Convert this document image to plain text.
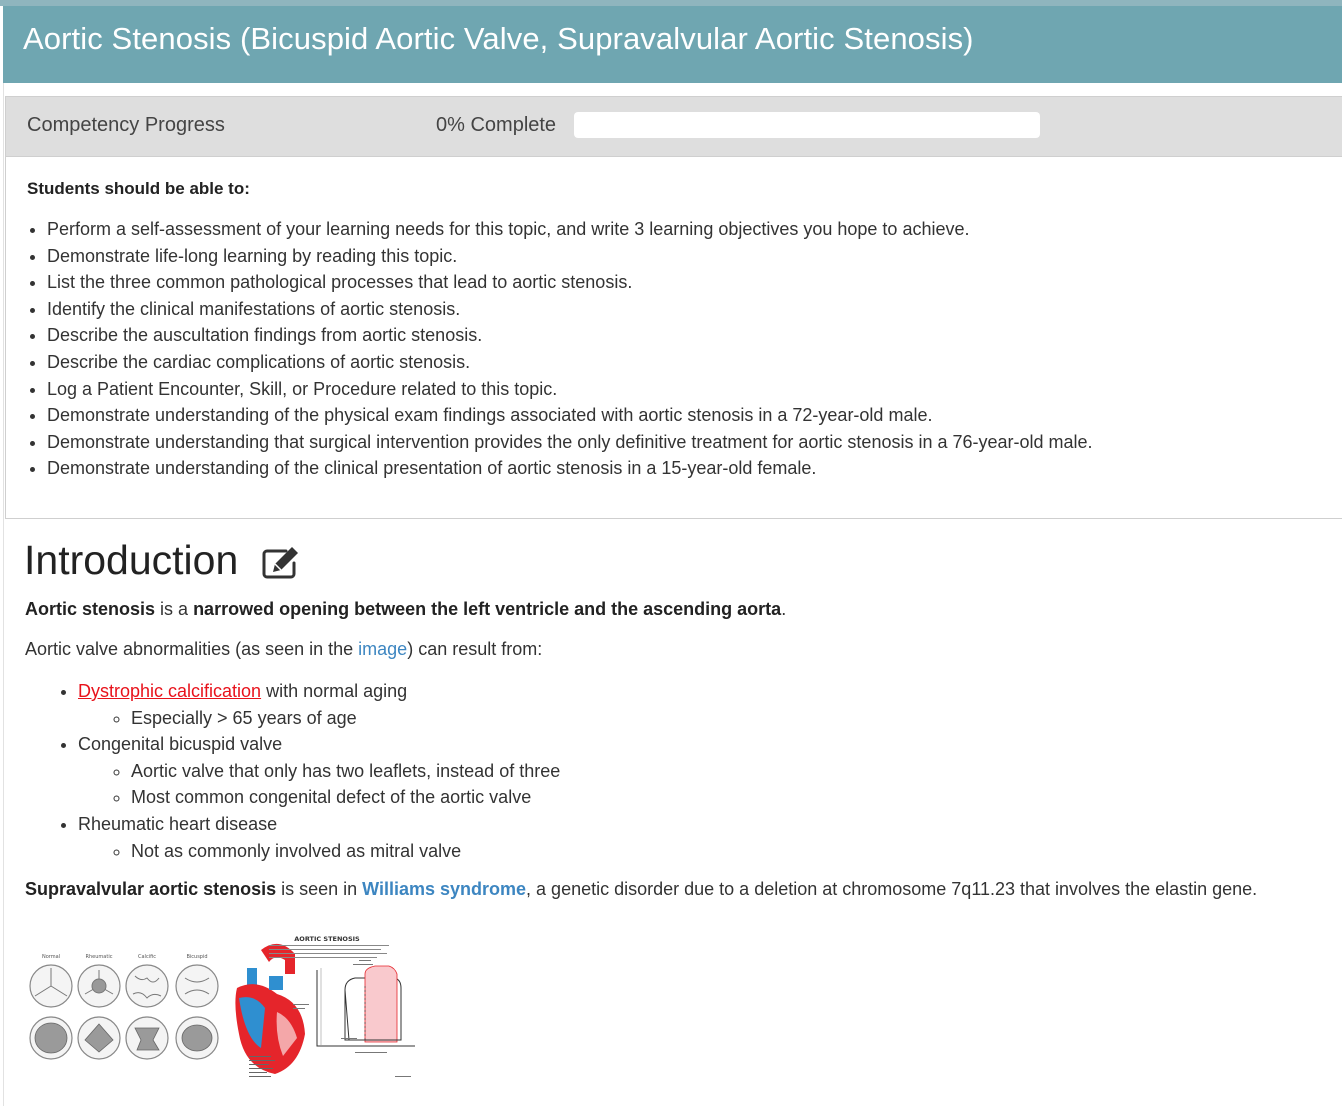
Aortic Stenosis (Bicuspid Aortic Valve, Supravalvular Aortic Stenosis)
Competency Progress	0% Complete
Students should be able to:
• Perform a self-assessment of your learning needs for this topic, and write 3 learning objectives you hope to achieve.
• Demonstrate life-long learning by reading this topic.
• List the three common pathological processes that lead to aortic stenosis.
• Identify the clinical manifestations of aortic stenosis.
• Describe the auscultation findings from aortic stenosis.
• Describe the cardiac complications of aortic stenosis.
• Log a Patient Encounter, Skill, or Procedure related to this topic.
• Demonstrate understanding of the physical exam findings associated with aortic stenosis in a 72-year-old male.
• Demonstrate understanding that surgical intervention provides the only definitive treatment for aortic stenosis in a 76-year-old male.
• Demonstrate understanding of the clinical presentation of aortic stenosis in a 15-year-old female.
Introduction
Aortic stenosis is a narrowed opening between the left ventricle and the ascending aorta.
Aortic valve abnormalities (as seen in the image) can result from:
• Dystrophic calcification with normal aging
◦ Especially > 65 years of age
• Congenital bicuspid valve
◦ Aortic valve that only has two leaflets, instead of three
◦ Most common congenital defect of the aortic valve
• Rheumatic heart disease
◦ Not as commonly involved as mitral valve
Supravalvular aortic stenosis is seen in Williams syndrome, a genetic disorder due to a deletion at chromosome 7q11.23 that involves the elastin gene.
Normal	Rheumatic	Calcific	Bicuspid
AORTIC STENOSIS
